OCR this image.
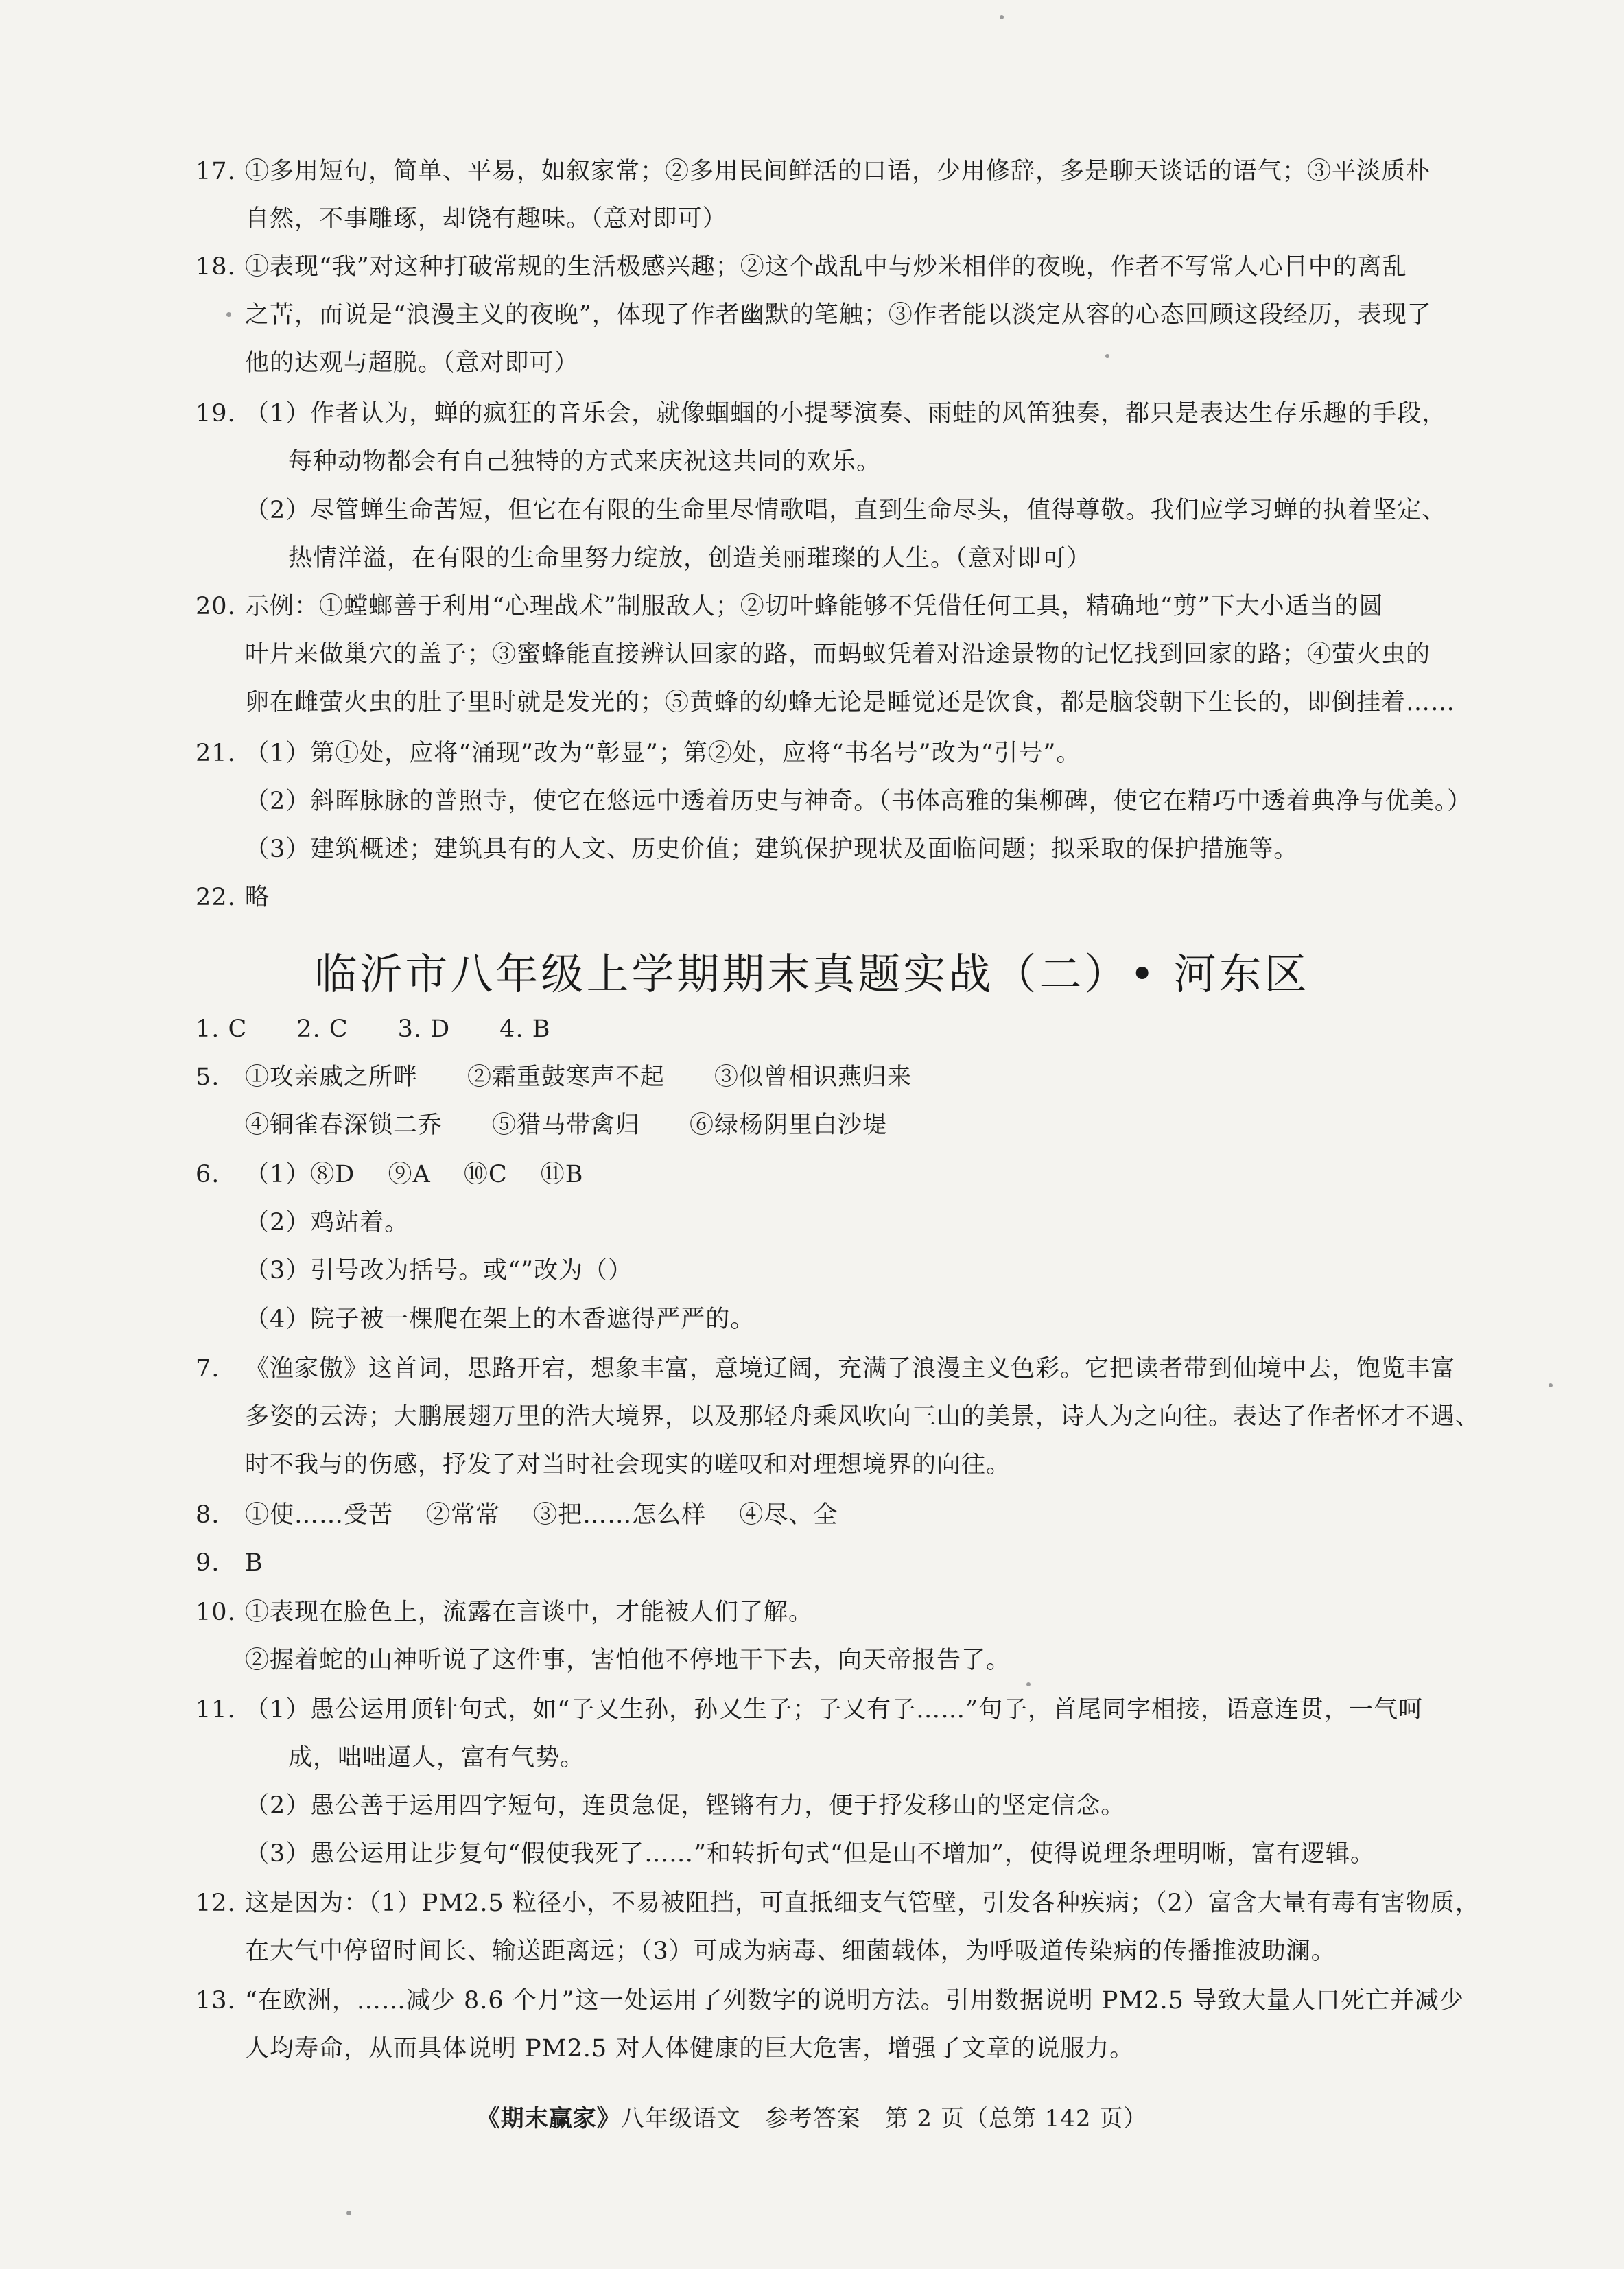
17. ①多用短句，简单、平易，如叙家常；②多用民间鲜活的口语，少用修辞，多是聊天谈话的语气；③平淡质朴
自然，不事雕琢，却饶有趣味。（意对即可）
18. ①表现“我”对这种打破常规的生活极感兴趣；②这个战乱中与炒米相伴的夜晚，作者不写常人心目中的离乱
之苦，而说是“浪漫主义的夜晚”，体现了作者幽默的笔触；③作者能以淡定从容的心态回顾这段经历，表现了
他的达观与超脱。（意对即可）
19. （1）作者认为，蝉的疯狂的音乐会，就像蝈蝈的小提琴演奏、雨蛙的风笛独奏，都只是表达生存乐趣的手段，
每种动物都会有自己独特的方式来庆祝这共同的欢乐。
（2）尽管蝉生命苦短，但它在有限的生命里尽情歌唱，直到生命尽头，值得尊敬。我们应学习蝉的执着坚定、
热情洋溢，在有限的生命里努力绽放，创造美丽璀璨的人生。（意对即可）
20. 示例：①螳螂善于利用“心理战术”制服敌人；②切叶蜂能够不凭借任何工具，精确地“剪”下大小适当的圆
叶片来做巢穴的盖子；③蜜蜂能直接辨认回家的路，而蚂蚁凭着对沿途景物的记忆找到回家的路；④萤火虫的
卵在雌萤火虫的肚子里时就是发光的；⑤黄蜂的幼蜂无论是睡觉还是饮食，都是脑袋朝下生长的，即倒挂着……
21. （1）第①处，应将“涌现”改为“彰显”；第②处，应将“书名号”改为“引号”。
（2）斜晖脉脉的普照寺，使它在悠远中透着历史与神奇。（书体高雅的集柳碑，使它在精巧中透着典净与优美。）
（3）建筑概述；建筑具有的人文、历史价值；建筑保护现状及面临问题；拟采取的保护措施等。
22. 略
临沂市八年级上学期期末真题实战（二）• 河东区
1. C　　2. C　　3. D　　4. B
5. ①攻亲戚之所畔　　②霜重鼓寒声不起　　③似曾相识燕归来
④铜雀春深锁二乔　　⑤猎马带禽归　　⑥绿杨阴里白沙堤
6. （1）⑧D　 ⑨A　 ⑩C　 ⑪B
（2）鸡站着。
（3）引号改为括号。或“”改为（）
（4）院子被一棵爬在架上的木香遮得严严的。
7. 《渔家傲》这首词，思路开宕，想象丰富，意境辽阔，充满了浪漫主义色彩。它把读者带到仙境中去，饱览丰富
多姿的云涛；大鹏展翅万里的浩大境界，以及那轻舟乘风吹向三山的美景，诗人为之向往。表达了作者怀才不遇、
时不我与的伤感，抒发了对当时社会现实的嗟叹和对理想境界的向往。
8. ①使……受苦　 ②常常　 ③把……怎么样　 ④尽、全
9. B
10. ①表现在脸色上，流露在言谈中，才能被人们了解。
②握着蛇的山神听说了这件事，害怕他不停地干下去，向天帝报告了。
11. （1）愚公运用顶针句式，如“子又生孙，孙又生子；子又有子……”句子，首尾同字相接，语意连贯，一气呵
成，咄咄逼人，富有气势。
（2）愚公善于运用四字短句，连贯急促，铿锵有力，便于抒发移山的坚定信念。
（3）愚公运用让步复句“假使我死了……”和转折句式“但是山不增加”，使得说理条理明晰，富有逻辑。
12. 这是因为：（1）PM2.5 粒径小，不易被阻挡，可直抵细支气管壁，引发各种疾病；（2）富含大量有毒有害物质，
在大气中停留时间长、输送距离远；（3）可成为病毒、细菌载体，为呼吸道传染病的传播推波助澜。
13. “在欧洲，……减少 8.6 个月”这一处运用了列数字的说明方法。引用数据说明 PM2.5 导致大量人口死亡并减少
人均寿命，从而具体说明 PM2.5 对人体健康的巨大危害，增强了文章的说服力。
《期末赢家》八年级语文　参考答案　第 2 页（总第 142 页）
